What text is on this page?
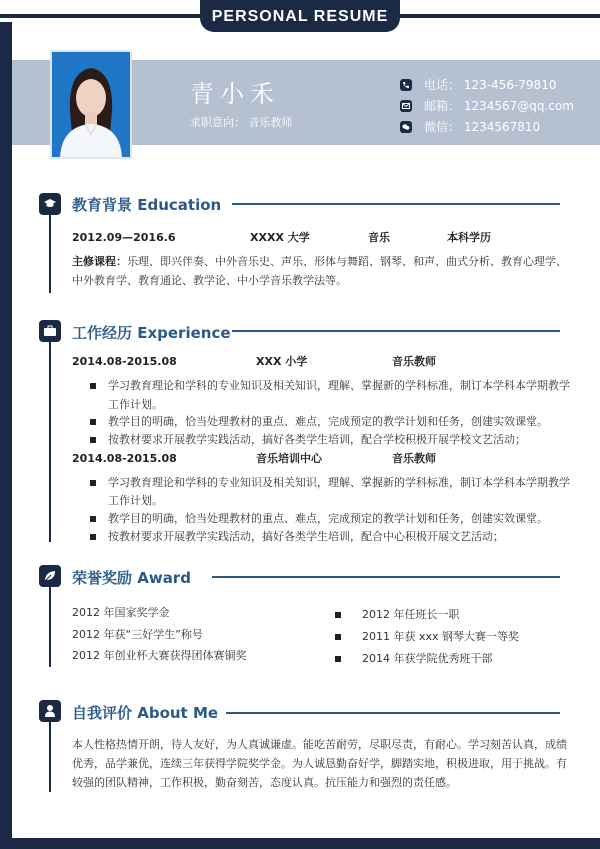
PERSONAL RESUME
青小禾
求职意向： 音乐教师
电话： 123-456-79810
邮箱： 1234567@qq.com
微信： 1234567810
教育背景 Education
2012.09—2016.6	XXXX 大学	音乐	本科学历
主修课程：乐理、即兴伴奏、中外音乐史、声乐、形体与舞蹈、钢琴、和声、曲式分析、教育心理学、
中外教育学、教育通论、教学论、中小学音乐教学法等。
工作经历 Experience
2014.08-2015.08	XXX 小学	音乐教师
学习教育理论和学科的专业知识及相关知识，理解、掌握新的学科标准，制订本学科本学期教学
工作计划。
教学目的明确，恰当处理教材的重点、难点，完成预定的教学计划和任务，创建实效课堂。
按教材要求开展教学实践活动，搞好各类学生培训，配合学校积极开展学校文艺活动；
2014.08-2015.08	音乐培训中心	音乐教师
学习教育理论和学科的专业知识及相关知识，理解、掌握新的学科标准，制订本学科本学期教学
工作计划。
教学目的明确，恰当处理教材的重点、难点，完成预定的教学计划和任务，创建实效课堂。
按教材要求开展教学实践活动，搞好各类学生培训，配合中心积极开展文艺活动；
荣誉奖励 Award
2012 年国家奖学金
2012 年获“三好学生”称号
2012 年创业杯大赛获得团体赛铜奖
2012 年任班长一职
2011 年获 xxx 钢琴大赛一等奖
2014 年获学院优秀班干部
自我评价 About Me
本人性格热情开朗，待人友好，为人真诚谦虚。能吃苦耐劳，尽职尽责，有耐心。学习刻苦认真，成绩
优秀，品学兼优，连续三年获得学院奖学金。为人诚恳勤奋好学，脚踏实地，积极进取，用于挑战。有
较强的团队精神，工作积极，勤奋刻苦，态度认真。抗压能力和强烈的责任感。
